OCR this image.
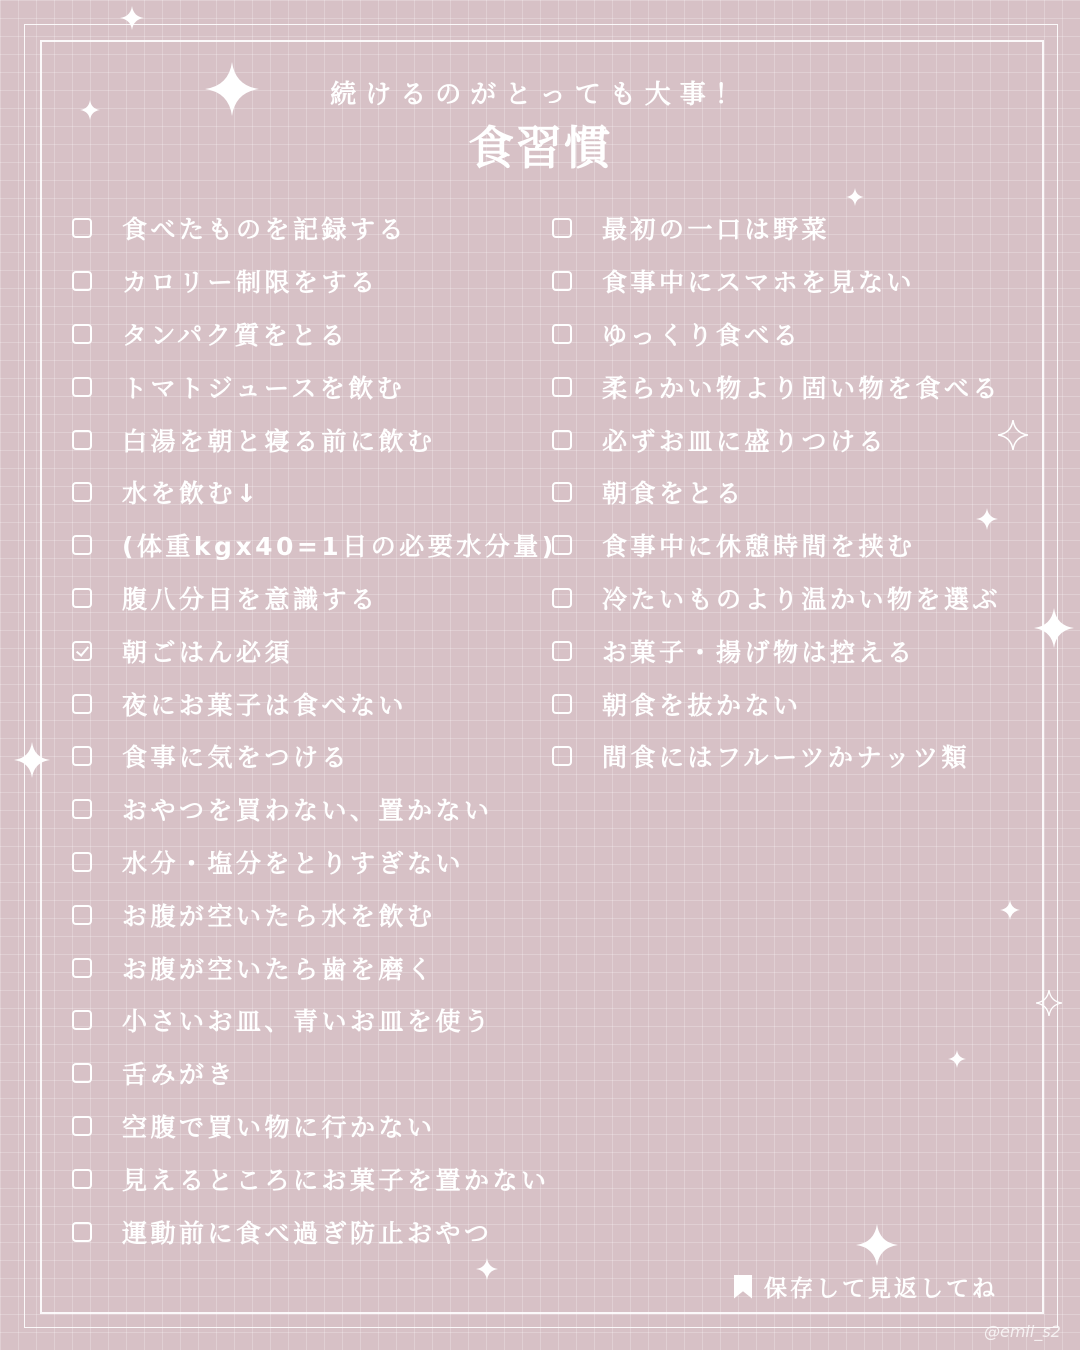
続けるのがとっても大事！
食習慣
食べたものを記録する
カロリー制限をする
タンパク質をとる
トマトジュースを飲む
白湯を朝と寝る前に飲む
水を飲む↓
(体重kgx40=1日の必要水分量)
腹八分目を意識する
朝ごはん必須
夜にお菓子は食べない
食事に気をつける
おやつを買わない、置かない
水分・塩分をとりすぎない
お腹が空いたら水を飲む
お腹が空いたら歯を磨く
小さいお皿、青いお皿を使う
舌みがき
空腹で買い物に行かない
見えるところにお菓子を置かない
運動前に食べ過ぎ防止おやつ
最初の一口は野菜
食事中にスマホを見ない
ゆっくり食べる
柔らかい物より固い物を食べる
必ずお皿に盛りつける
朝食をとる
食事中に休憩時間を挟む
冷たいものより温かい物を選ぶ
お菓子・揚げ物は控える
朝食を抜かない
間食にはフルーツかナッツ類
保存して見返してね
@emii_s2
